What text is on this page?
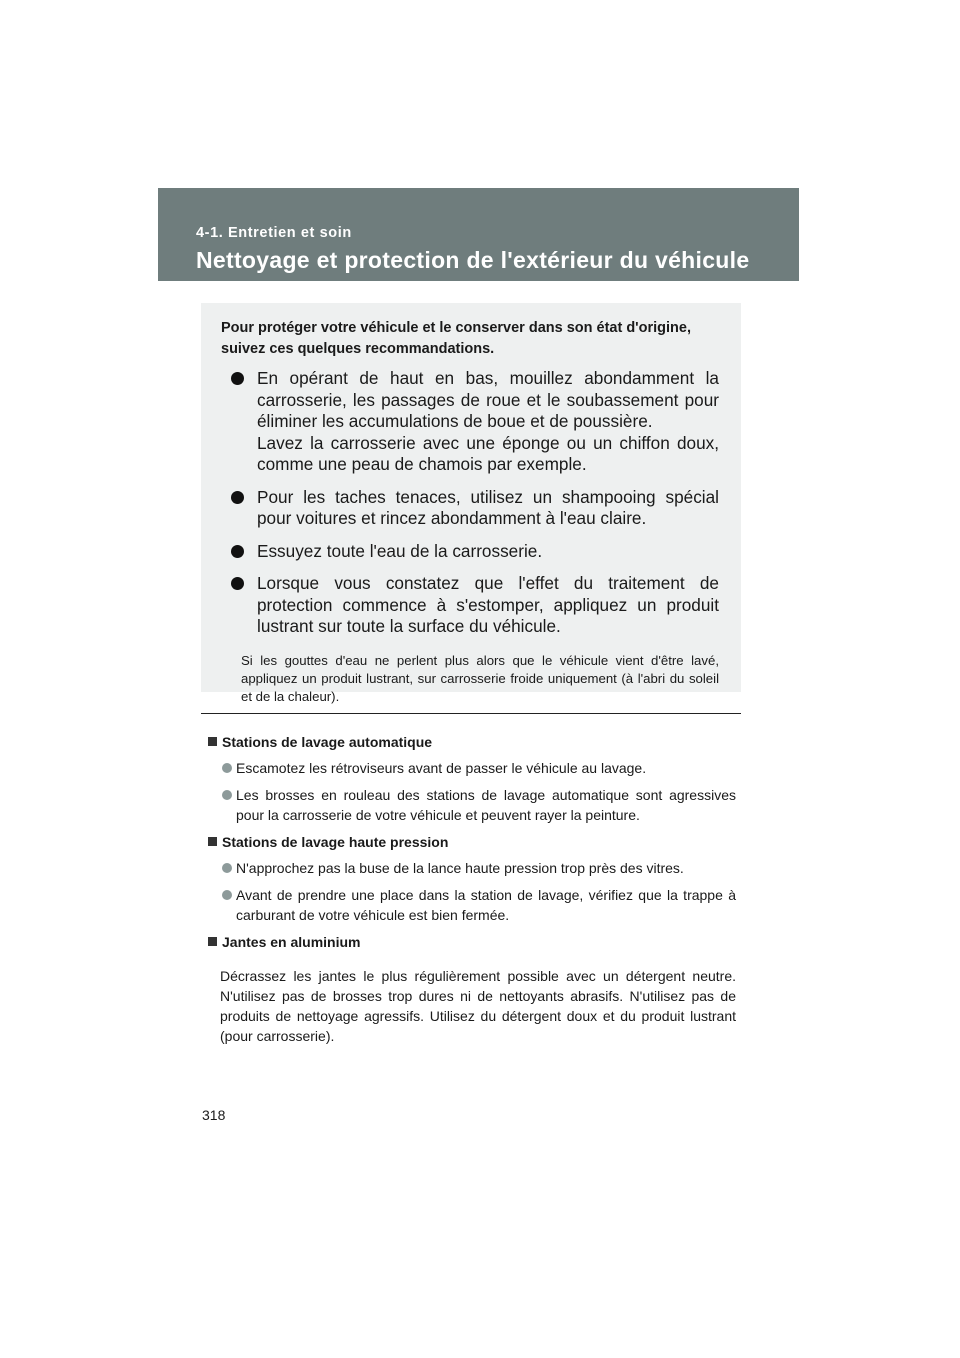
4-1. Entretien et soin
Nettoyage et protection de l'extérieur du véhicule

Pour protéger votre véhicule et le conserver dans son état d'origine, suivez ces quelques recommandations.

En opérant de haut en bas, mouillez abondamment la carrosserie, les passages de roue et le soubassement pour éliminer les accumulations de boue et de poussière.

Lavez la carrosserie avec une éponge ou un chiffon doux, comme une peau de chamois par exemple.

Pour les taches tenaces, utilisez un shampooing spécial pour voitures et rincez abondamment à l'eau claire.

Essuyez toute l'eau de la carrosserie.

Lorsque vous constatez que l'effet du traitement de protection commence à s'estomper, appliquez un produit lustrant sur toute la surface du véhicule.

Si les gouttes d'eau ne perlent plus alors que le véhicule vient d'être lavé, appliquez un produit lustrant, sur carrosserie froide uniquement (à l'abri du soleil et de la chaleur).

Stations de lavage automatique
Escamotez les rétroviseurs avant de passer le véhicule au lavage.
Les brosses en rouleau des stations de lavage automatique sont agressives pour la carrosserie de votre véhicule et peuvent rayer la peinture.
Stations de lavage haute pression
N'approchez pas la buse de la lance haute pression trop près des vitres.
Avant de prendre une place dans la station de lavage, vérifiez que la trappe à carburant de votre véhicule est bien fermée.
Jantes en aluminium

Décrassez les jantes le plus régulièrement possible avec un détergent neutre. N'utilisez pas de brosses trop dures ni de nettoyants abrasifs. N'utilisez pas de produits de nettoyage agressifs. Utilisez du détergent doux et du produit lustrant (pour carrosserie).

318
